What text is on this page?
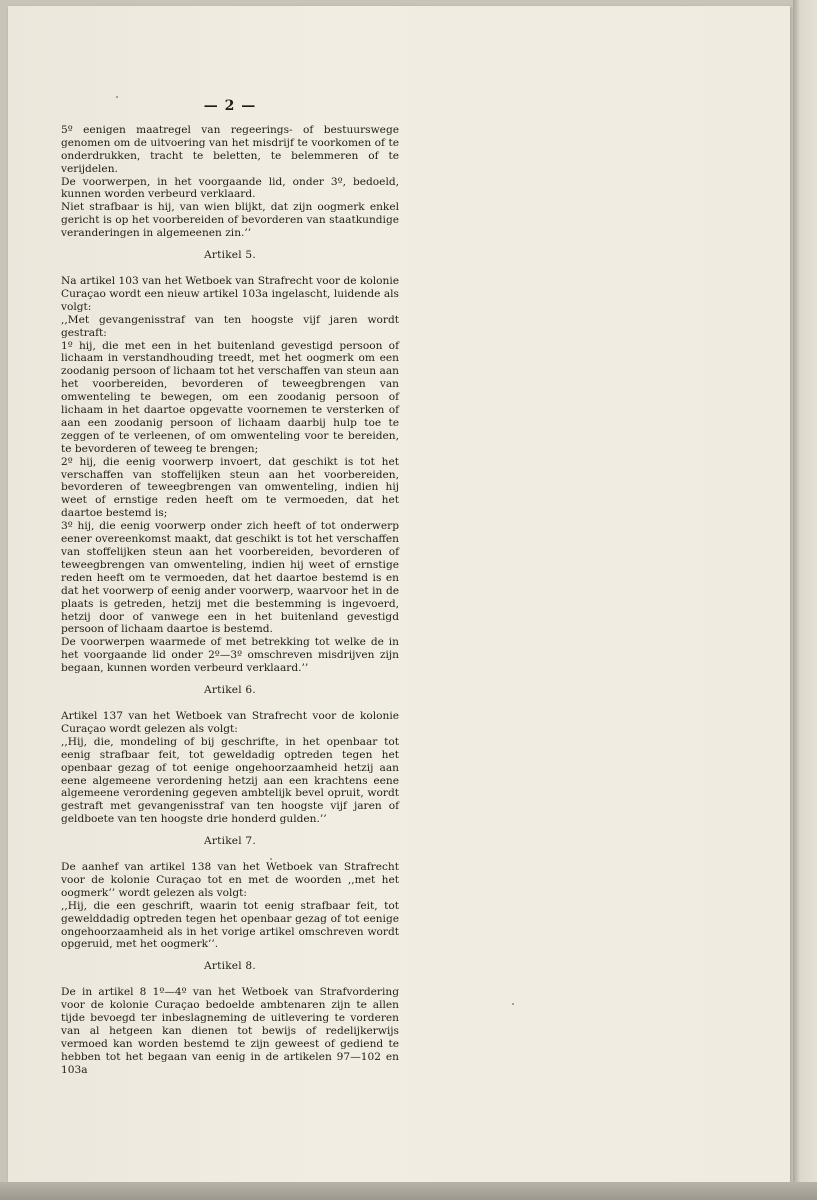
— 2 —

5º eenigen maatregel van regeerings- of bestuurswege genomen om de uitvoering van het misdrijf te voorkomen of te onderdrukken, tracht te beletten, te belemmeren of te verijdelen.

De voorwerpen, in het voorgaande lid, onder 3º, bedoeld, kunnen worden verbeurd verklaard.

Niet strafbaar is hij, van wien blijkt, dat zijn oogmerk enkel gericht is op het voorbereiden of bevorderen van staatkundige veranderingen in algemeenen zin.’’

Artikel 5.

Na artikel 103 van het Wetboek van Strafrecht voor de kolonie Curaçao wordt een nieuw artikel 103a ingelascht, luidende als volgt:

,,Met gevangenisstraf van ten hoogste vijf jaren wordt gestraft:

1º hij, die met een in het buitenland gevestigd persoon of lichaam in verstandhouding treedt, met het oogmerk om een zoodanig persoon of lichaam tot het verschaffen van steun aan het voorbereiden, bevorderen of teweegbrengen van omwenteling te bewegen, om een zoodanig persoon of lichaam in het daartoe opgevatte voornemen te versterken of aan een zoodanig persoon of lichaam daarbij hulp toe te zeggen of te verleenen, of om omwenteling voor te bereiden, te bevorderen of teweeg te brengen;

2º hij, die eenig voorwerp invoert, dat geschikt is tot het verschaffen van stoffelijken steun aan het voorbereiden, bevorderen of teweegbrengen van omwenteling, indien hij weet of ernstige reden heeft om te vermoeden, dat het daartoe bestemd is;

3º hij, die eenig voorwerp onder zich heeft of tot onderwerp eener overeenkomst maakt, dat geschikt is tot het verschaffen van stoffelijken steun aan het voorbereiden, bevorderen of teweegbrengen van omwenteling, indien hij weet of ernstige reden heeft om te vermoeden, dat het daartoe bestemd is en dat het voorwerp of eenig ander voorwerp, waarvoor het in de plaats is getreden, hetzij met die bestemming is ingevoerd, hetzij door of vanwege een in het buitenland gevestigd persoon of lichaam daartoe is bestemd.

De voorwerpen waarmede of met betrekking tot welke de in het voorgaande lid onder 2º—3º omschreven misdrijven zijn begaan, kunnen worden verbeurd verklaard.’’

Artikel 6.

Artikel 137 van het Wetboek van Strafrecht voor de kolonie Curaçao wordt gelezen als volgt:

,,Hij, die, mondeling of bij geschrifte, in het openbaar tot eenig strafbaar feit, tot geweldadig optreden tegen het openbaar gezag of tot eenige ongehoorzaamheid hetzij aan eene algemeene verordening hetzij aan een krachtens eene algemeene verordening gegeven ambtelijk bevel opruit, wordt gestraft met gevangenisstraf van ten hoogste vijf jaren of geldboete van ten hoogste drie honderd gulden.’’

Artikel 7.

De aanhef van artikel 138 van het Wetboek van Strafrecht voor de kolonie Curaçao tot en met de woorden ,,met het oogmerk’’ wordt gelezen als volgt:

,,Hij, die een geschrift, waarin tot eenig strafbaar feit, tot gewelddadig optreden tegen het openbaar gezag of tot eenige ongehoorzaamheid als in het vorige artikel omschreven wordt opgeruid, met het oogmerk’’.

Artikel 8.

De in artikel 8 1º—4º van het Wetboek van Strafvordering voor de kolonie Curaçao bedoelde ambtenaren zijn te allen tijde bevoegd ter inbeslagneming de uitlevering te vorderen van al hetgeen kan dienen tot bewijs of redelijkerwijs vermoed kan worden bestemd te zijn geweest of gediend te hebben tot het begaan van eenig in de artikelen 97—102 en 103a
